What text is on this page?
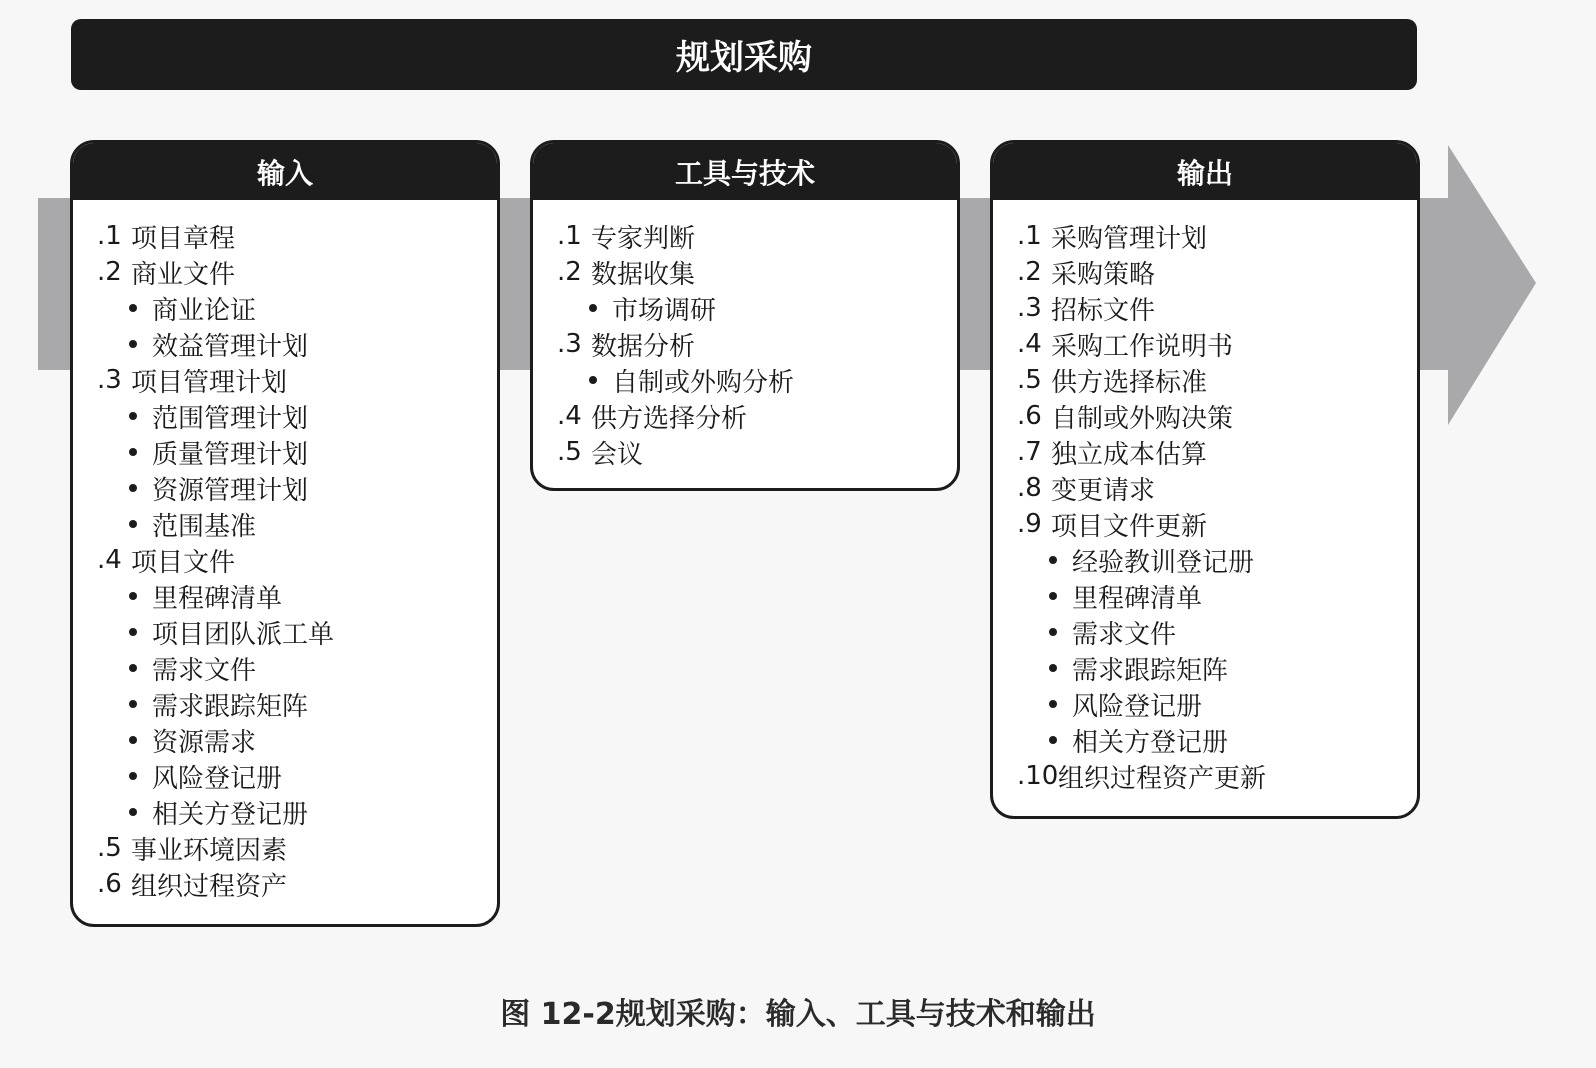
规划采购
输入
.1 项目章程
.2 商业文件
商业论证
效益管理计划
.3 项目管理计划
范围管理计划
质量管理计划
资源管理计划
范围基准
.4 项目文件
里程碑清单
项目团队派工单
需求文件
需求跟踪矩阵
资源需求
风险登记册
相关方登记册
.5 事业环境因素
.6 组织过程资产
工具与技术
.1 专家判断
.2 数据收集
市场调研
.3 数据分析
自制或外购分析
.4 供方选择分析
.5 会议
输出
.1 采购管理计划
.2 采购策略
.3 招标文件
.4 采购工作说明书
.5 供方选择标准
.6 自制或外购决策
.7 独立成本估算
.8 变更请求
.9 项目文件更新
经验教训登记册
里程碑清单
需求文件
需求跟踪矩阵
风险登记册
相关方登记册
.10 组织过程资产更新
图 12-2规划采购：输入、工具与技术和输出
